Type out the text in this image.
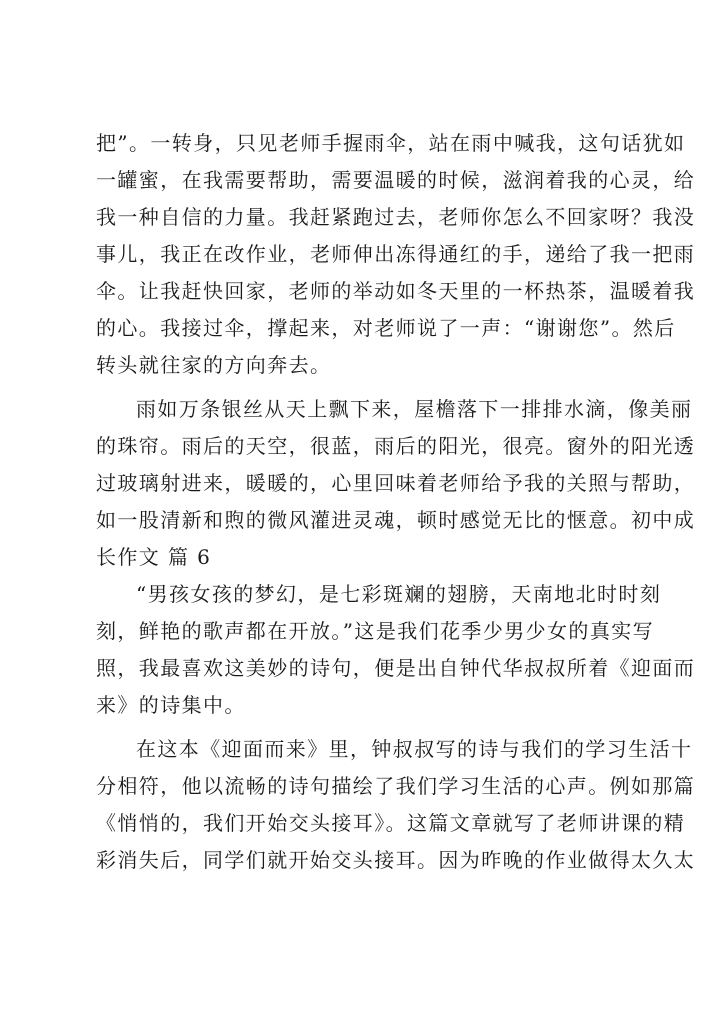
把”。一转身，只见老师手握雨伞，站在雨中喊我，这句话犹如
一罐蜜，在我需要帮助，需要温暖的时候，滋润着我的心灵，给
我一种自信的力量。我赶紧跑过去，老师你怎么不回家呀？我没
事儿，我正在改作业，老师伸出冻得通红的手，递给了我一把雨
伞。让我赶快回家，老师的举动如冬天里的一杯热茶，温暖着我
的心。我接过伞，撑起来，对老师说了一声：“谢谢您”。然后
转头就往家的方向奔去。
雨如万条银丝从天上飘下来，屋檐落下一排排水滴，像美丽
的珠帘。雨后的天空，很蓝，雨后的阳光，很亮。窗外的阳光透
过玻璃射进来，暖暖的，心里回味着老师给予我的关照与帮助，
如一股清新和煦的微风灌进灵魂，顿时感觉无比的惬意。初中成
长作文 篇 6
“男孩女孩的梦幻，是七彩斑斓的翅膀，天南地北时时刻
刻，鲜艳的歌声都在开放。”这是我们花季少男少女的真实写
照，我最喜欢这美妙的诗句，便是出自钟代华叔叔所着《迎面而
来》的诗集中。
在这本《迎面而来》里，钟叔叔写的诗与我们的学习生活十
分相符，他以流畅的诗句描绘了我们学习生活的心声。例如那篇
《悄悄的，我们开始交头接耳》。这篇文章就写了老师讲课的精
彩消失后，同学们就开始交头接耳。因为昨晚的作业做得太久太
